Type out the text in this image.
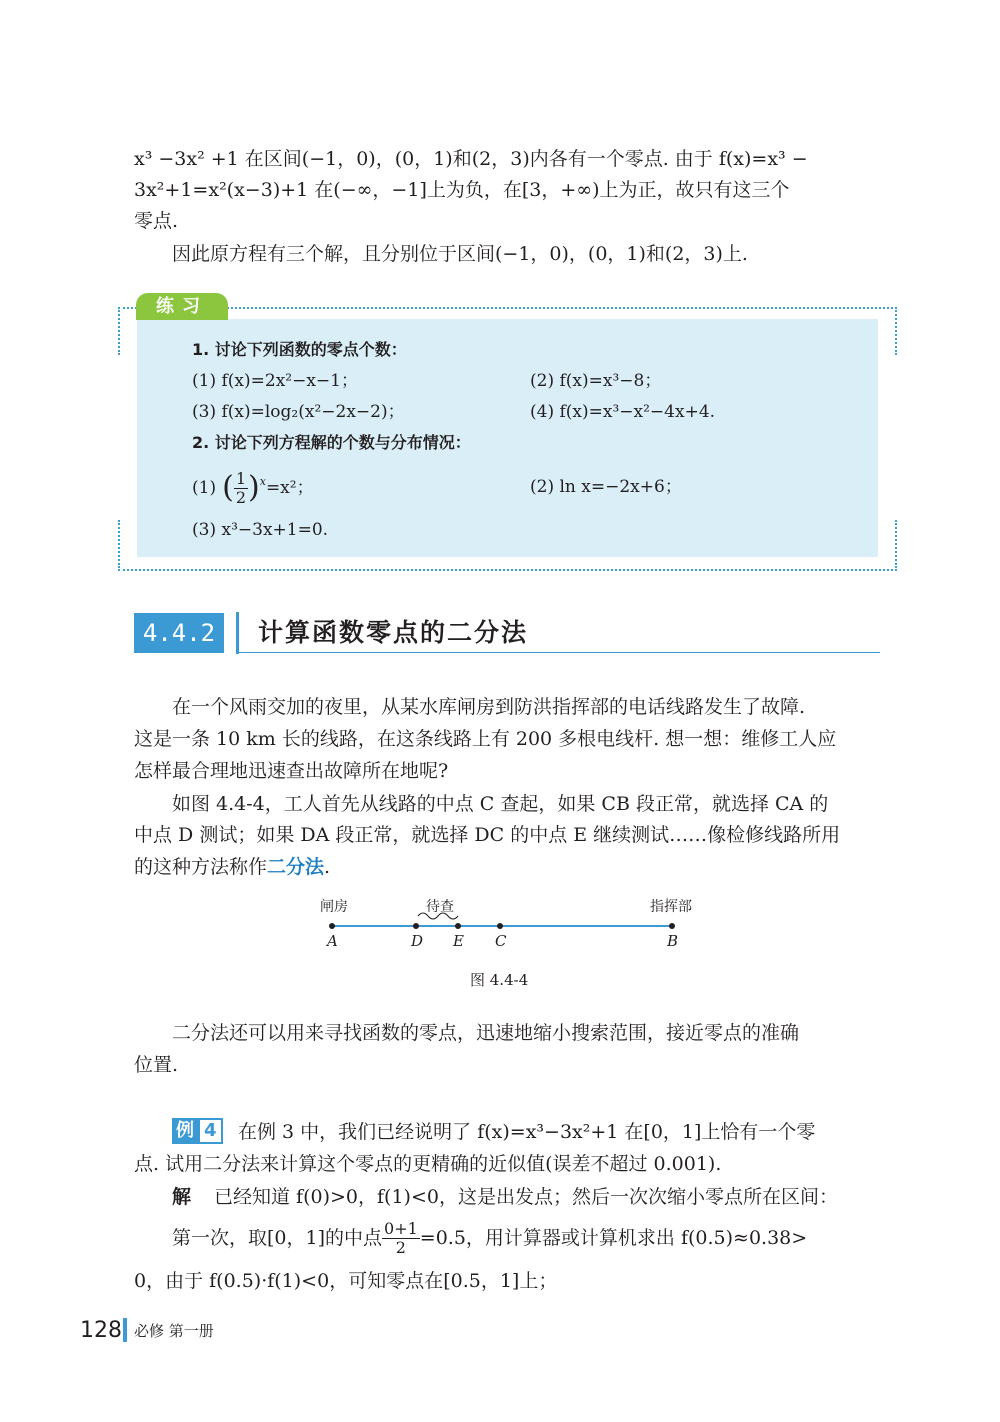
x³ −3x² +1 在区间(−1，0)，(0，1)和(2，3)内各有一个零点. 由于 f(x)=x³ −
3x²+1=x²(x−3)+1 在(−∞，−1]上为负，在[3，+∞)上为正，故只有这三个
零点.
因此原方程有三个解，且分别位于区间(−1，0)，(0，1)和(2，3)上.
练习
1. 讨论下列函数的零点个数：
(1) f(x)=2x²−x−1；	(2) f(x)=x³−8；
(3) f(x)=log₂(x²−2x−2)；	(4) f(x)=x³−x²−4x+4.
2. 讨论下列方程解的个数与分布情况：
(1) ( $\frac{1}{2}$ ) x =x²；	(2) ln x=−2x+6；
(3) x³−3x+1=0.
4.4.2	计算函数零点的二分法
在一个风雨交加的夜里，从某水库闸房到防洪指挥部的电话线路发生了故障.
这是一条 10 km 长的线路，在这条线路上有 200 多根电线杆. 想一想：维修工人应
怎样最合理地迅速查出故障所在地呢?
如图 4.4-4，工人首先从线路的中点 C 查起，如果 CB 段正常，就选择 CA 的
中点 D 测试；如果 DA 段正常，就选择 DC 的中点 E 继续测试……像检修线路所用
的这种方法称作二分法.
闸房	待查	指挥部
A	D E C	B
图 4.4-4
二分法还可以用来寻找函数的零点，迅速地缩小搜索范围，接近零点的准确
位置.
例 4	在例 3 中，我们已经说明了 f(x)=x³−3x²+1 在[0，1]上恰有一个零
点. 试用二分法来计算这个零点的更精确的近似值(误差不超过 0.001).
解 已经知道 f(0)>0，f(1)<0，这是出发点；然后一次次缩小零点所在区间：
第一次，取[0，1]的中点 $\frac{0+1}{2} =0.5$，用计算器或计算机求出 f(0.5)≈0.38>
0，由于 f(0.5)·f(1)<0，可知零点在[0.5，1]上；
128 必修 第一册
